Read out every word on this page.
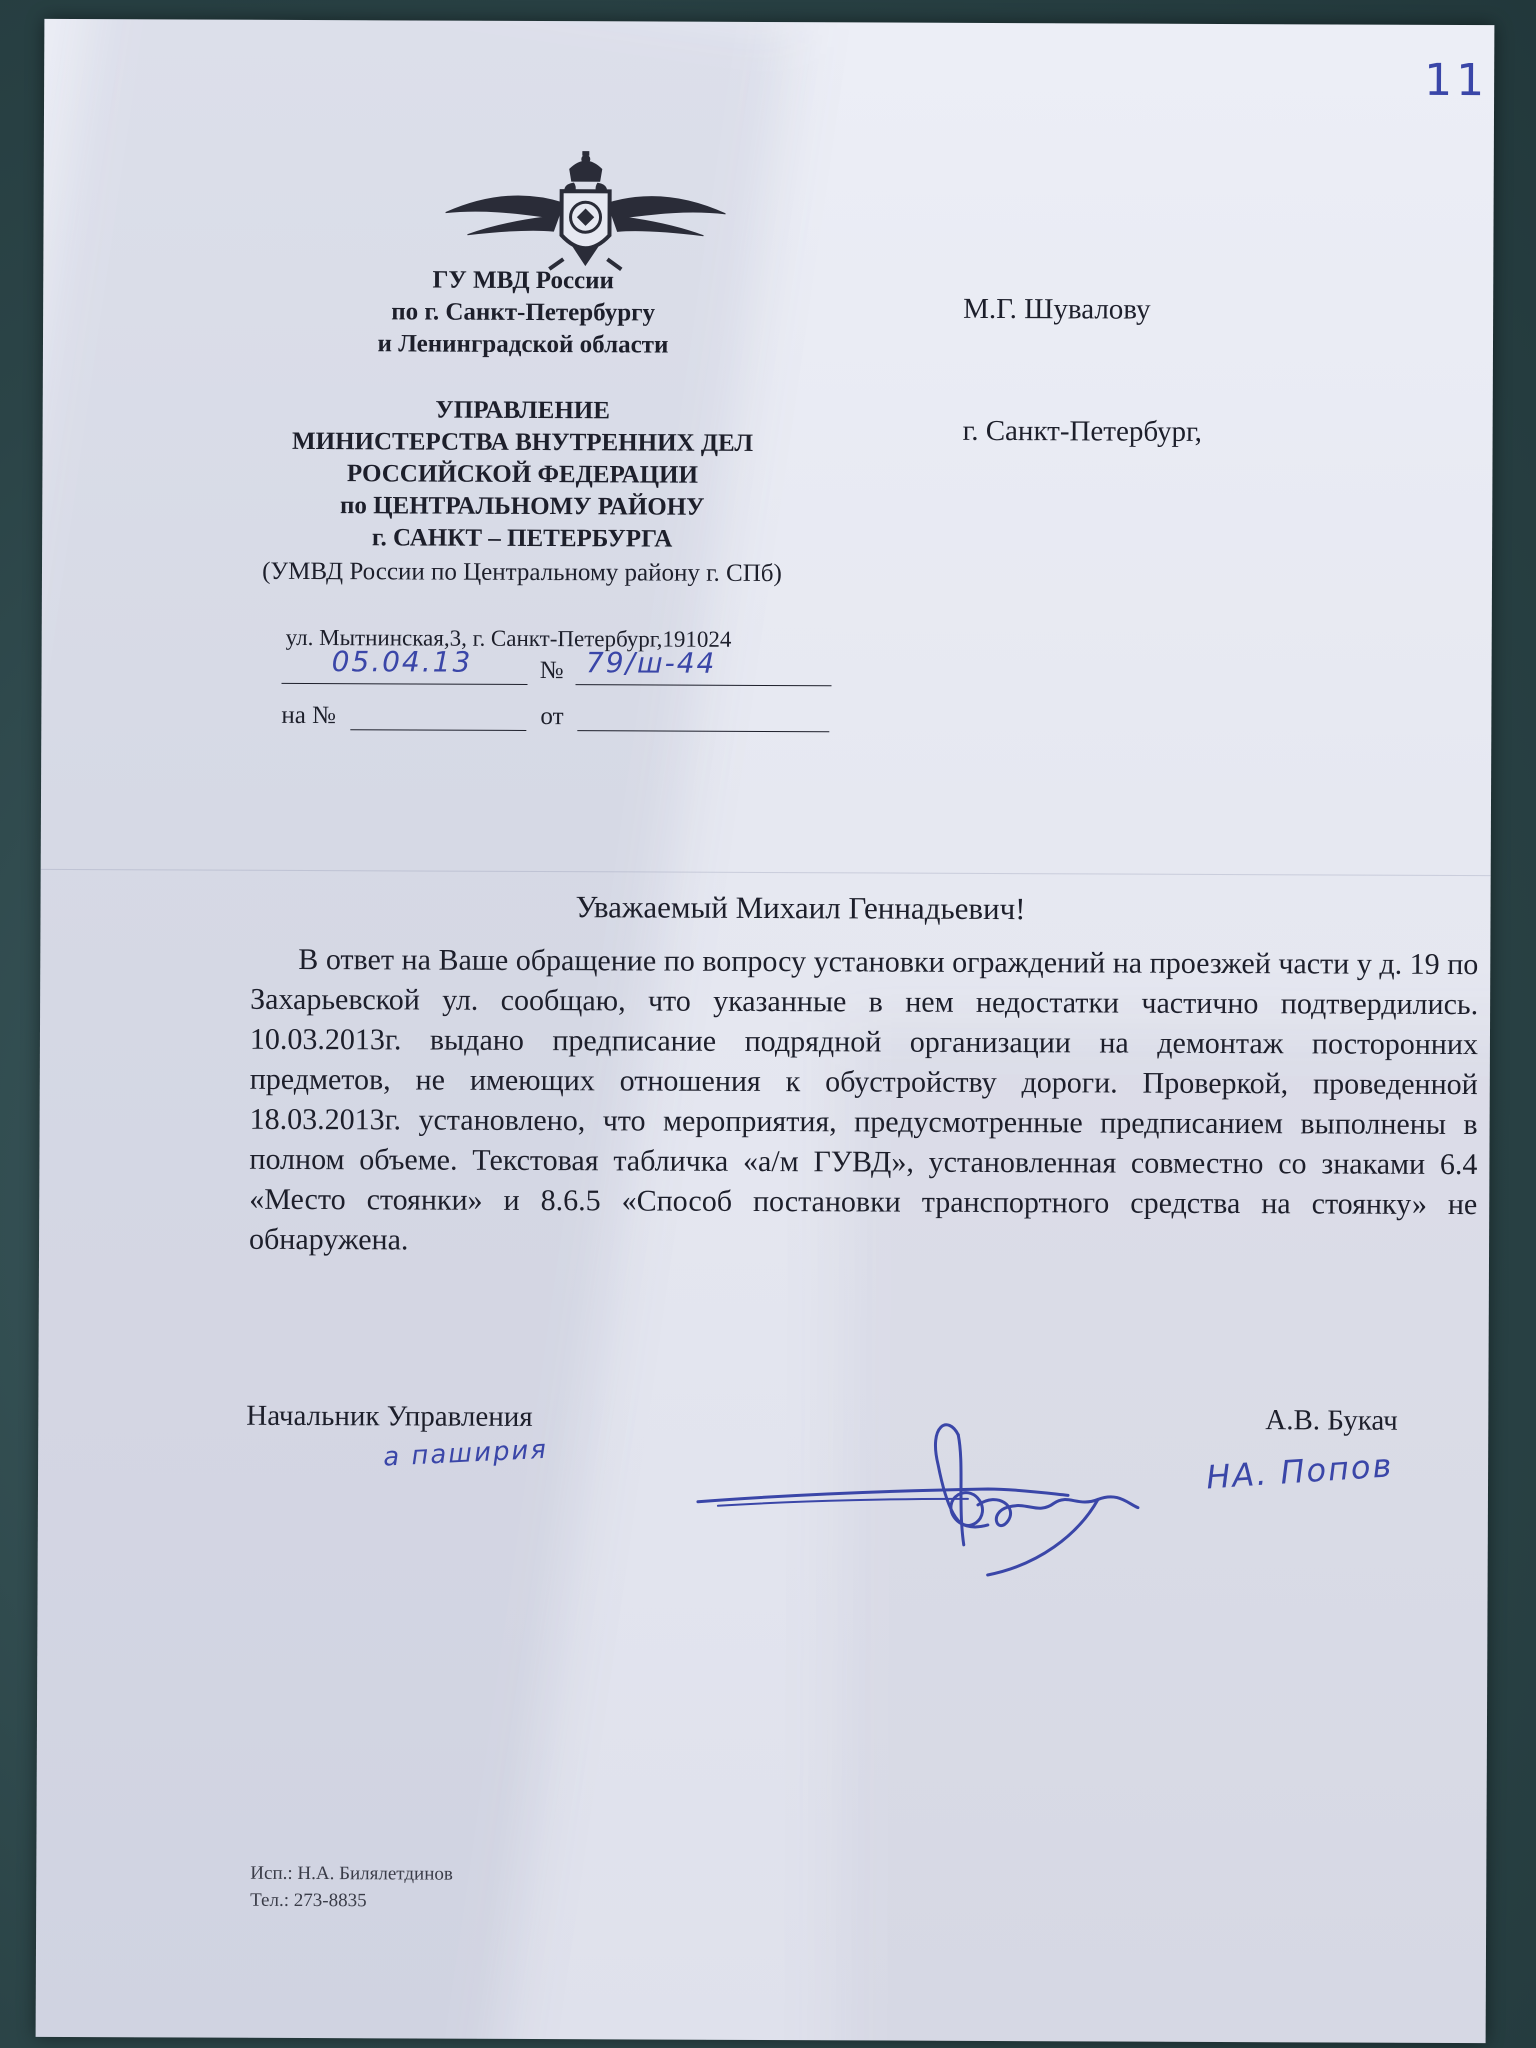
11
ГУ МВД России
по г. Санкт-Петербургу
и Ленинградской области
УПРАВЛЕНИЕ
МИНИСТЕРСТВА ВНУТРЕННИХ ДЕЛ
РОССИЙСКОЙ ФЕДЕРАЦИИ
по ЦЕНТРАЛЬНОМУ РАЙОНУ
г. САНКТ – ПЕТЕРБУРГА
(УМВД России по Центральному району г. СПб)
ул. Мытнинская,3, г. Санкт-Петербург,191024
05.04.13	№ 79/ш-44
на №	от
М.Г. Шувалову
г. Санкт-Петербург,
Уважаемый Михаил Геннадьевич!

В ответ на Ваше обращение по вопросу установки ограждений на проезжей части у д. 19 по Захарьевской ул. сообщаю, что указанные в нем недостатки частично подтвердились. 10.03.2013г. выдано предписание подрядной организации на демонтаж посторонних предметов, не имеющих отношения к обустройству дороги. Проверкой, проведенной 18.03.2013г. установлено, что мероприятия, предусмотренные предписанием выполнены в полном объеме. Текстовая табличка «а/м ГУВД», установленная совместно со знаками 6.4 «Место стоянки» и 8.6.5 «Способ постановки транспортного средства на стоянку» не обнаружена.

Начальник Управления	А.В. Букач
а паширия	НА. Попов
Исп.: Н.А. Билялетдинов
Тел.: 273-8835
